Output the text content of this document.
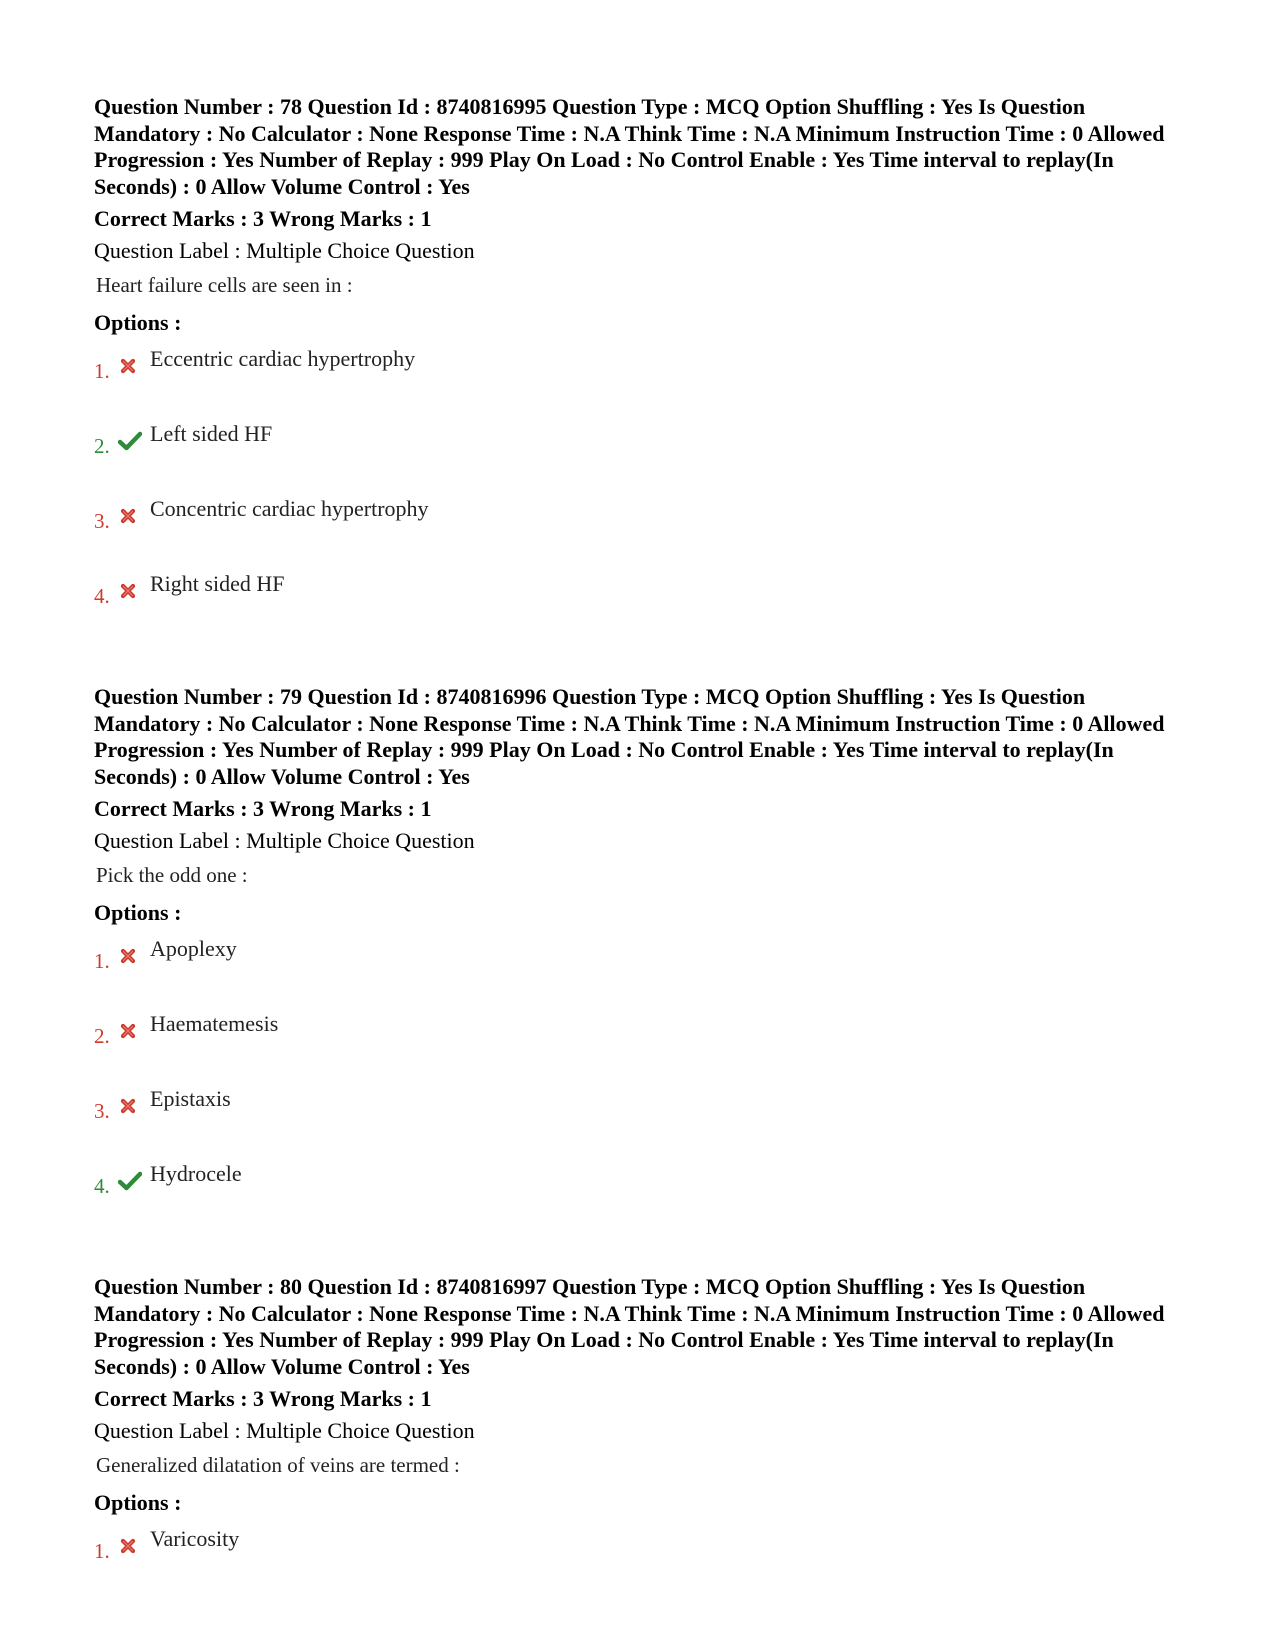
Question Number : 78 Question Id : 8740816995 Question Type : MCQ Option Shuffling : Yes Is Question Mandatory : No Calculator : None Response Time : N.A Think Time : N.A Minimum Instruction Time : 0 Allowed Progression : Yes Number of Replay : 999 Play On Load : No Control Enable : Yes Time interval to replay(In Seconds) : 0 Allow Volume Control : Yes

Correct Marks : 3 Wrong Marks : 1
Question Label : Multiple Choice Question
Heart failure cells are seen in :
Options :
1. Eccentric cardiac hypertrophy
2. Left sided HF
3. Concentric cardiac hypertrophy
4. Right sided HF

Question Number : 79 Question Id : 8740816996 Question Type : MCQ Option Shuffling : Yes Is Question Mandatory : No Calculator : None Response Time : N.A Think Time : N.A Minimum Instruction Time : 0 Allowed Progression : Yes Number of Replay : 999 Play On Load : No Control Enable : Yes Time interval to replay(In Seconds) : 0 Allow Volume Control : Yes

Correct Marks : 3 Wrong Marks : 1
Question Label : Multiple Choice Question
Pick the odd one :
Options :
1. Apoplexy
2. Haematemesis
3. Epistaxis
4. Hydrocele

Question Number : 80 Question Id : 8740816997 Question Type : MCQ Option Shuffling : Yes Is Question Mandatory : No Calculator : None Response Time : N.A Think Time : N.A Minimum Instruction Time : 0 Allowed Progression : Yes Number of Replay : 999 Play On Load : No Control Enable : Yes Time interval to replay(In Seconds) : 0 Allow Volume Control : Yes

Correct Marks : 3 Wrong Marks : 1
Question Label : Multiple Choice Question
Generalized dilatation of veins are termed :
Options :
1. Varicosity
